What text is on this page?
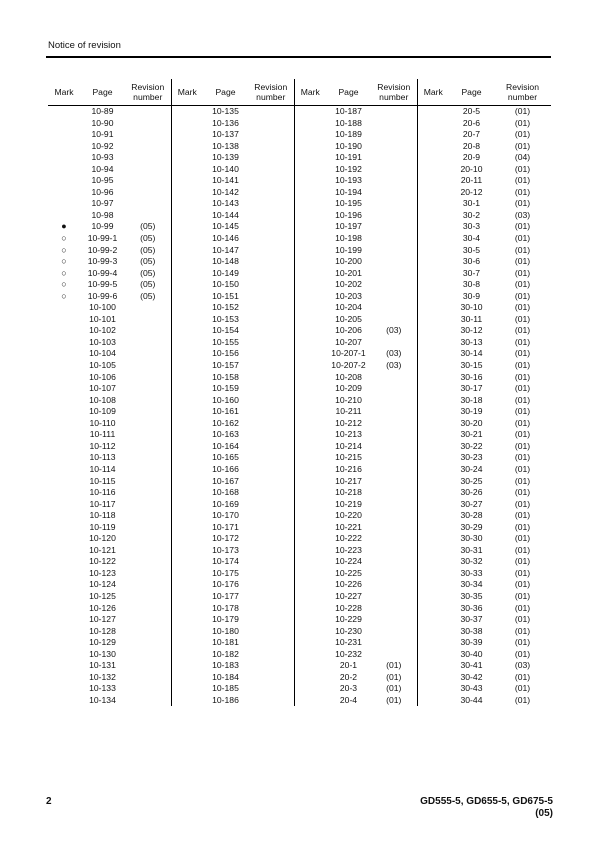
Notice of revision
Mark	Page	Revision number	Mark	Page	Revision number	Mark	Page	Revision number	Mark	Page	Revision number
	10-89			10-135			10-187			20-5	(01)
	10-90			10-136			10-188			20-6	(01)
	10-91			10-137			10-189			20-7	(01)
	10-92			10-138			10-190			20-8	(01)
	10-93			10-139			10-191			20-9	(04)
	10-94			10-140			10-192			20-10	(01)
	10-95			10-141			10-193			20-11	(01)
	10-96			10-142			10-194			20-12	(01)
	10-97			10-143			10-195			30-1	(01)
	10-98			10-144			10-196			30-2	(03)
●	10-99	(05)		10-145			10-197			30-3	(01)
○	10-99-1	(05)		10-146			10-198			30-4	(01)
○	10-99-2	(05)		10-147			10-199			30-5	(01)
○	10-99-3	(05)		10-148			10-200			30-6	(01)
○	10-99-4	(05)		10-149			10-201			30-7	(01)
○	10-99-5	(05)		10-150			10-202			30-8	(01)
○	10-99-6	(05)		10-151			10-203			30-9	(01)
	10-100			10-152			10-204			30-10	(01)
	10-101			10-153			10-205			30-11	(01)
	10-102			10-154			10-206	(03)		30-12	(01)
	10-103			10-155			10-207			30-13	(01)
	10-104			10-156			10-207-1	(03)		30-14	(01)
	10-105			10-157			10-207-2	(03)		30-15	(01)
	10-106			10-158			10-208			30-16	(01)
	10-107			10-159			10-209			30-17	(01)
	10-108			10-160			10-210			30-18	(01)
	10-109			10-161			10-211			30-19	(01)
	10-110			10-162			10-212			30-20	(01)
	10-111			10-163			10-213			30-21	(01)
	10-112			10-164			10-214			30-22	(01)
	10-113			10-165			10-215			30-23	(01)
	10-114			10-166			10-216			30-24	(01)
	10-115			10-167			10-217			30-25	(01)
	10-116			10-168			10-218			30-26	(01)
	10-117			10-169			10-219			30-27	(01)
	10-118			10-170			10-220			30-28	(01)
	10-119			10-171			10-221			30-29	(01)
	10-120			10-172			10-222			30-30	(01)
	10-121			10-173			10-223			30-31	(01)
	10-122			10-174			10-224			30-32	(01)
	10-123			10-175			10-225			30-33	(01)
	10-124			10-176			10-226			30-34	(01)
	10-125			10-177			10-227			30-35	(01)
	10-126			10-178			10-228			30-36	(01)
	10-127			10-179			10-229			30-37	(01)
	10-128			10-180			10-230			30-38	(01)
	10-129			10-181			10-231			30-39	(01)
	10-130			10-182			10-232			30-40	(01)
	10-131			10-183			20-1	(01)		30-41	(03)
	10-132			10-184			20-2	(01)		30-42	(01)
	10-133			10-185			20-3	(01)		30-43	(01)
	10-134			10-186			20-4	(01)		30-44	(01)
2	GD555-5, GD655-5, GD675-5
(05)
